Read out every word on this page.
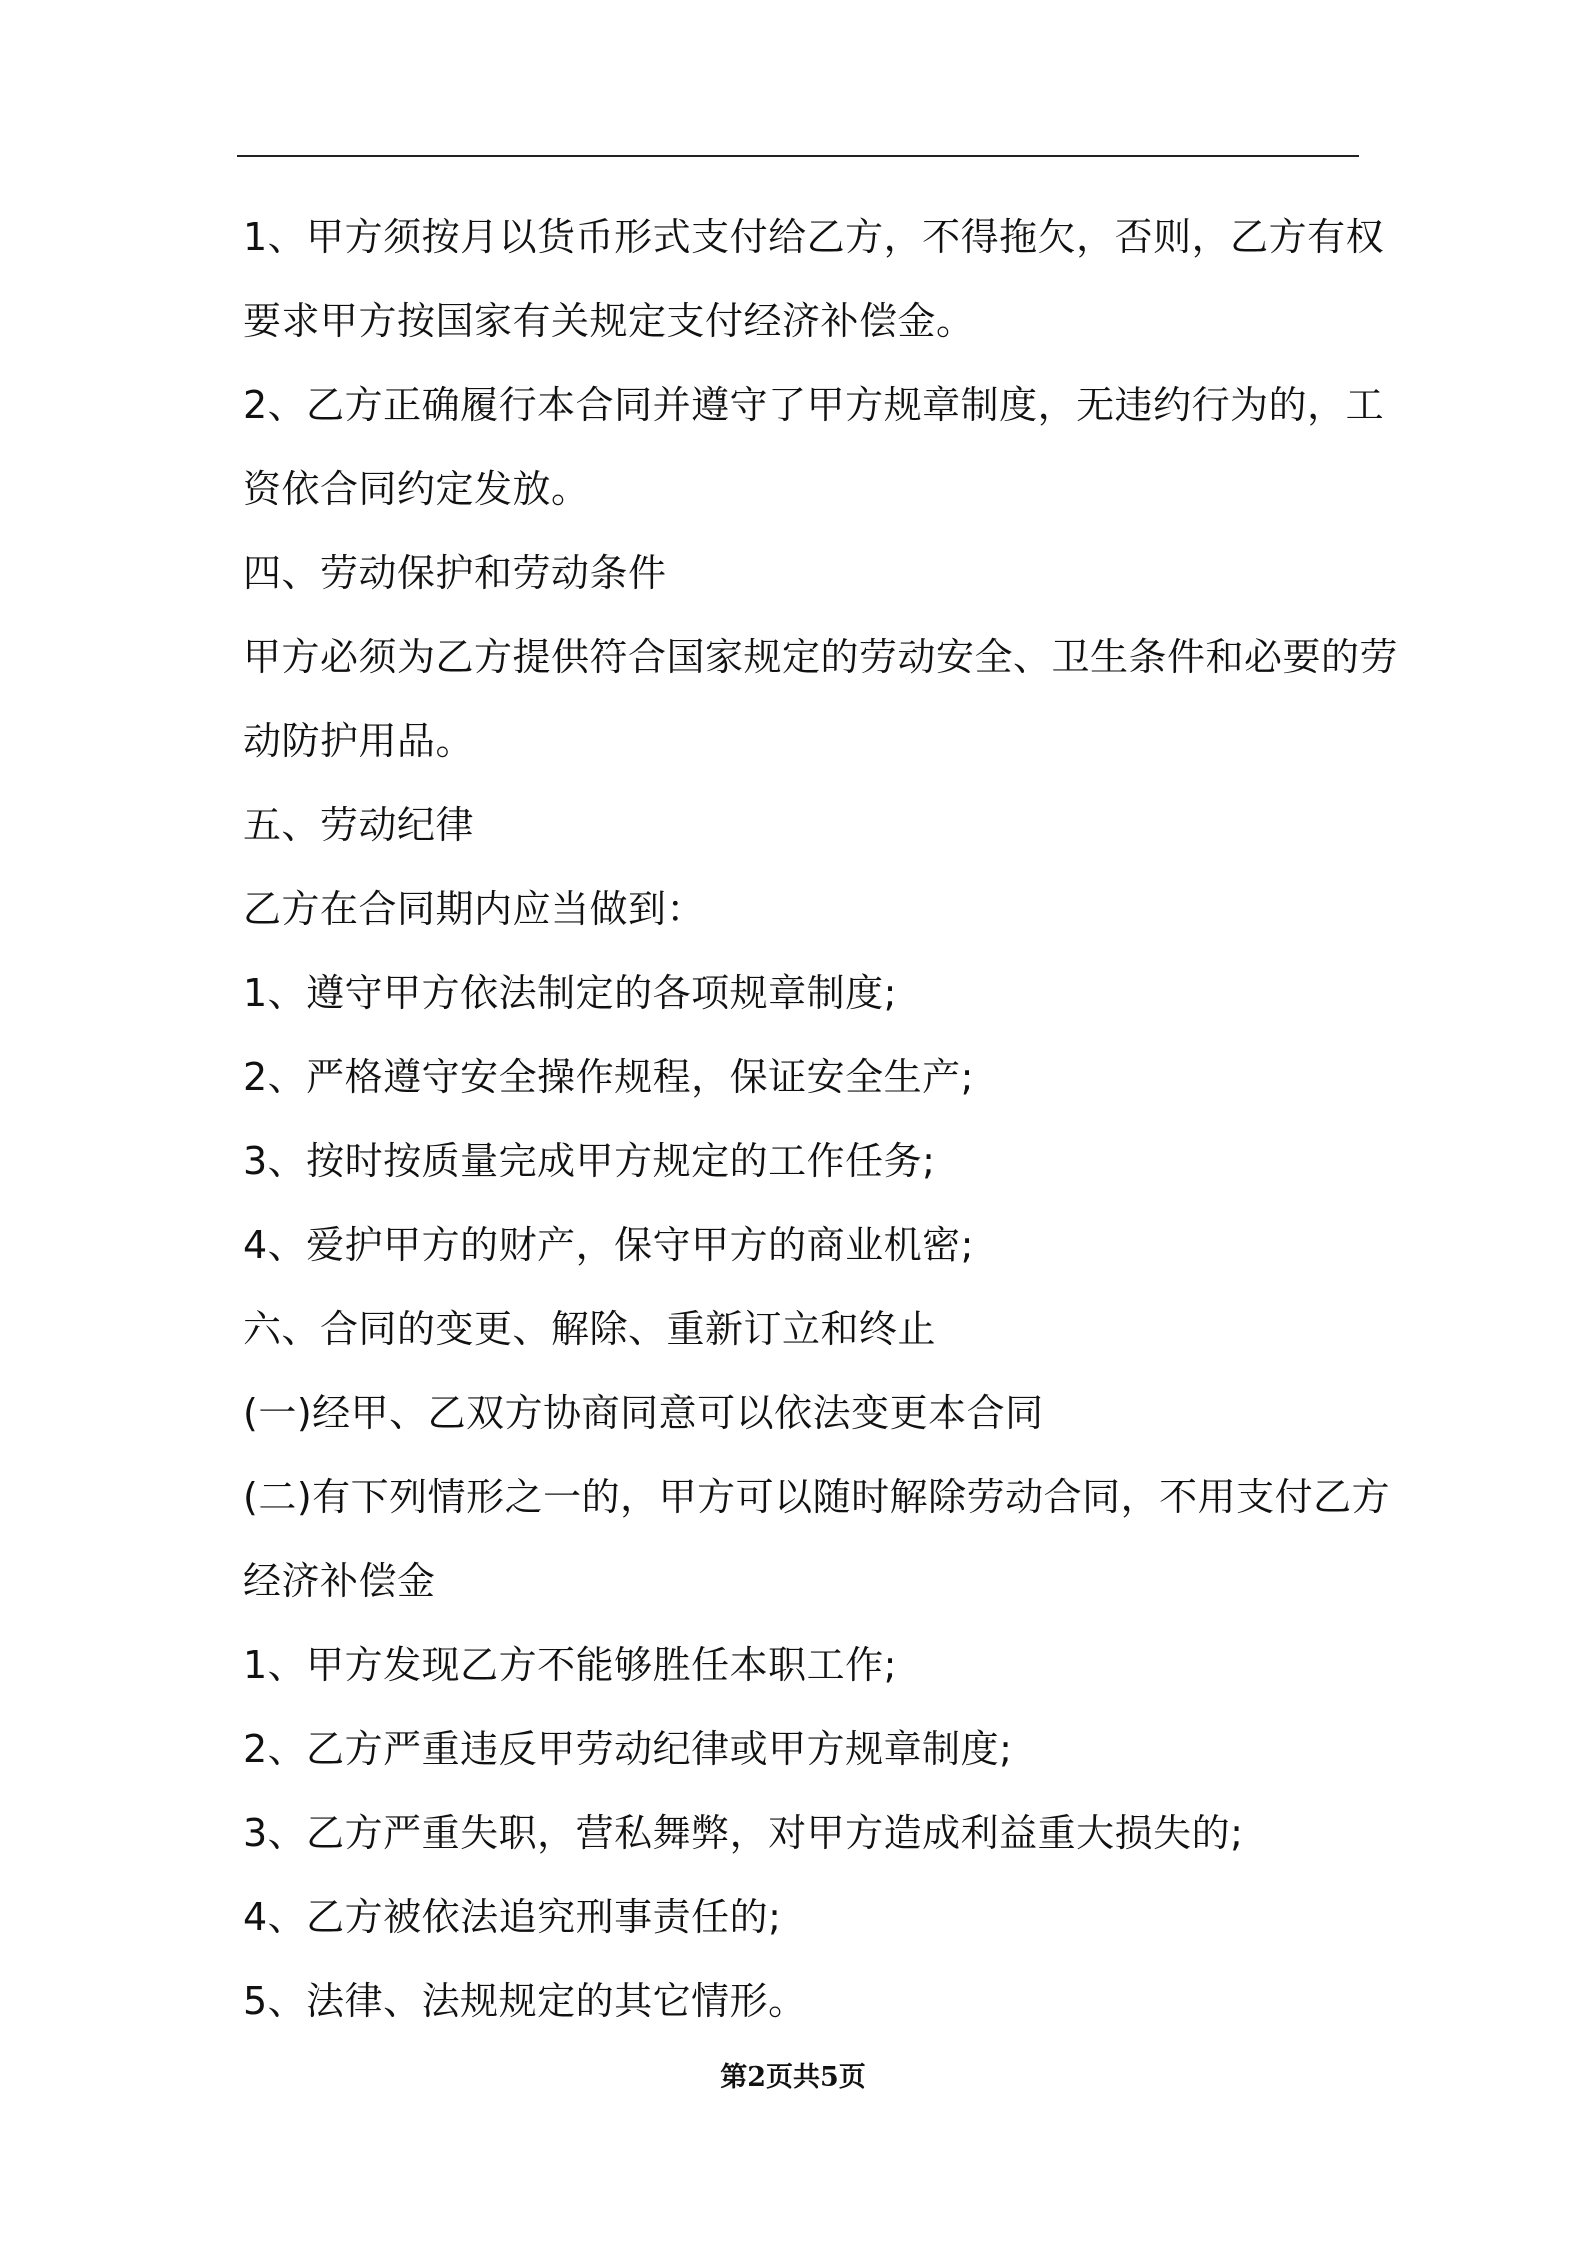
1、甲方须按月以货币形式支付给乙方，不得拖欠，否则，乙方有权
要求甲方按国家有关规定支付经济补偿金。
2、乙方正确履行本合同并遵守了甲方规章制度，无违约行为的，工
资依合同约定发放。
四、劳动保护和劳动条件
甲方必须为乙方提供符合国家规定的劳动安全、卫生条件和必要的劳
动防护用品。
五、劳动纪律
乙方在合同期内应当做到：
1、遵守甲方依法制定的各项规章制度;
2、严格遵守安全操作规程，保证安全生产;
3、按时按质量完成甲方规定的工作任务;
4、爱护甲方的财产，保守甲方的商业机密;
六、合同的变更、解除、重新订立和终止
(一)经甲、乙双方协商同意可以依法变更本合同
(二)有下列情形之一的，甲方可以随时解除劳动合同，不用支付乙方
经济补偿金
1、甲方发现乙方不能够胜任本职工作;
2、乙方严重违反甲劳动纪律或甲方规章制度;
3、乙方严重失职，营私舞弊，对甲方造成利益重大损失的;
4、乙方被依法追究刑事责任的;
5、法律、法规规定的其它情形。
第2页共5页
